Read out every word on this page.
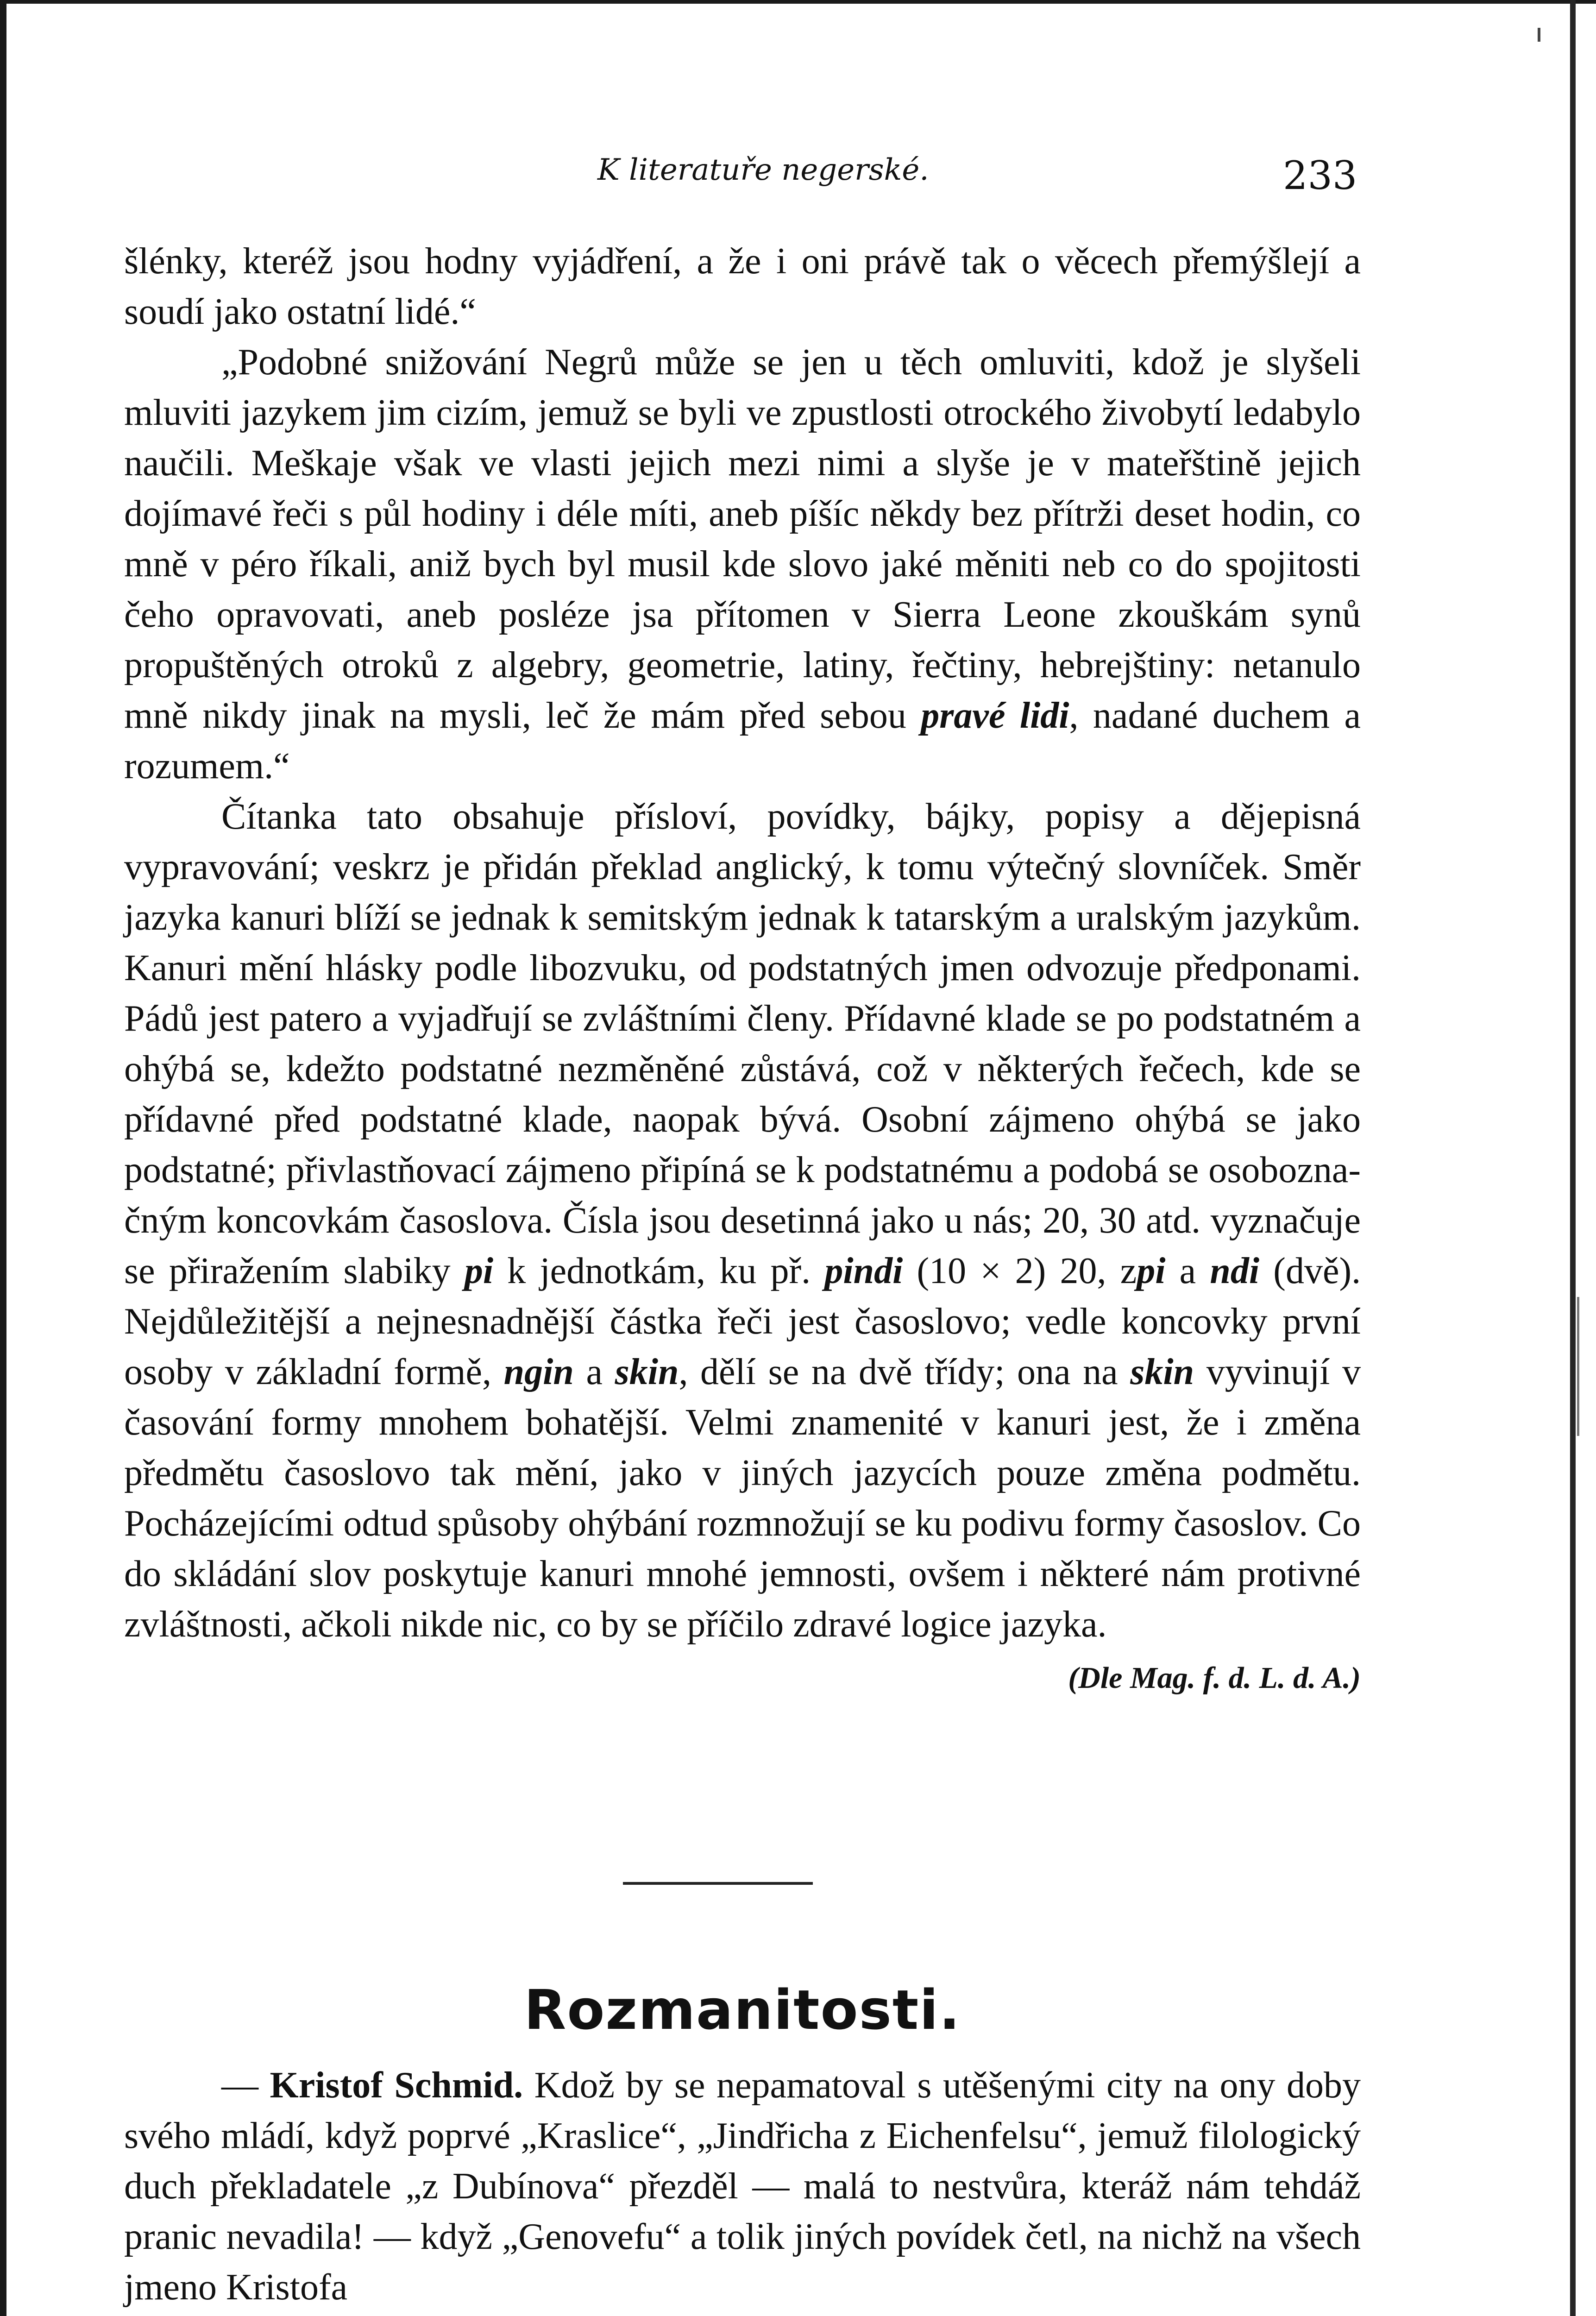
K literatuře negerské.	233

šlénky, kteréž jsou hodny vyjádření, a že i oni právě tak o věcech přemýšlejí a soudí jako ostatní lidé.“

„Podobné snižování Negrů může se jen u těch omluviti, kdož je slyšeli mluviti jazykem jim cizím, jemuž se byli ve zpustlosti otrockého živobytí ledabylo naučili. Meškaje však ve vlasti jejich mezi nimi a slyše je v mateřštině jejich dojímavé řeči s půl hodiny i déle míti, aneb píšíc někdy bez přítrži deset hodin, co mně v péro říkali, aniž bych byl musil kde slovo jaké měniti neb co do spojitosti čeho opravovati, aneb posléze jsa přítomen v Sierra Leone zkouškám synů propuštěných otroků z algebry, geometrie, latiny, řečtiny, hebrejštiny: netanulo mně nikdy jinak na mysli, leč že mám před sebou pravé lidi, nadané duchem a rozumem.“

Čítanka tato obsahuje přísloví, povídky, bájky, popisy a dějepisná vypravování; veskrz je přidán překlad anglický, k tomu výtečný slovníček. Směr jazyka kanuri blíží se jednak k semitským jednak k tatarským a uralským jazykům. Kanuri mění hlásky podle libozvuku, od podstatných jmen odvozuje předponami. Pádů jest patero a vyjadřují se zvláštními členy. Přídavné klade se po podstatném a ohýbá se, kdežto podstatné nezměněné zůstává, což v některých řečech, kde se přídavné před podstatné klade, naopak bývá. Osobní zájmeno ohýbá se jako podstatné; přivlastňovací zájmeno připíná se k podstatnému a podobá se osoboznačným koncovkám časoslova. Čísla jsou desetinná jako u nás; 20, 30 atd. vyznačuje se přiražením slabiky pi k jednotkám, ku př. pindi (10 × 2) 20, zpi a ndi (dvě). Nejdůležitější a nejnesnadnější částka řeči jest časoslovo; vedle koncovky první osoby v základní formě, ngin a skin, dělí se na dvě třídy; ona na skin vyvinují v časování formy mnohem bohatější. Velmi znamenité v kanuri jest, že i změna předmětu časoslovo tak mění, jako v jiných jazycích pouze změna podmětu. Pocházejícími odtud spůsoby ohýbání rozmnožují se ku podivu formy časoslov. Co do skládání slov poskytuje kanuri mnohé jemnosti, ovšem i některé nám protivné zvláštnosti, ačkoli nikde nic, co by se příčilo zdravé logice jazyka.
(Dle Mag. f. d. L. d. A.)

Rozmanitosti.

— Kristof Schmid. Kdož by se nepamatoval s utěšenými city na ony doby svého mládí, když poprvé „Kraslice“, „Jindřicha z Eichenfelsu“, jemuž filologický duch překladatele „z Dubínova“ přezděl — malá to nestvůra, kteráž nám tehdáž pranic nevadila! — když „Genovefu“ a tolik jiných povídek četl, na nichž na všech jmeno Kristofa
